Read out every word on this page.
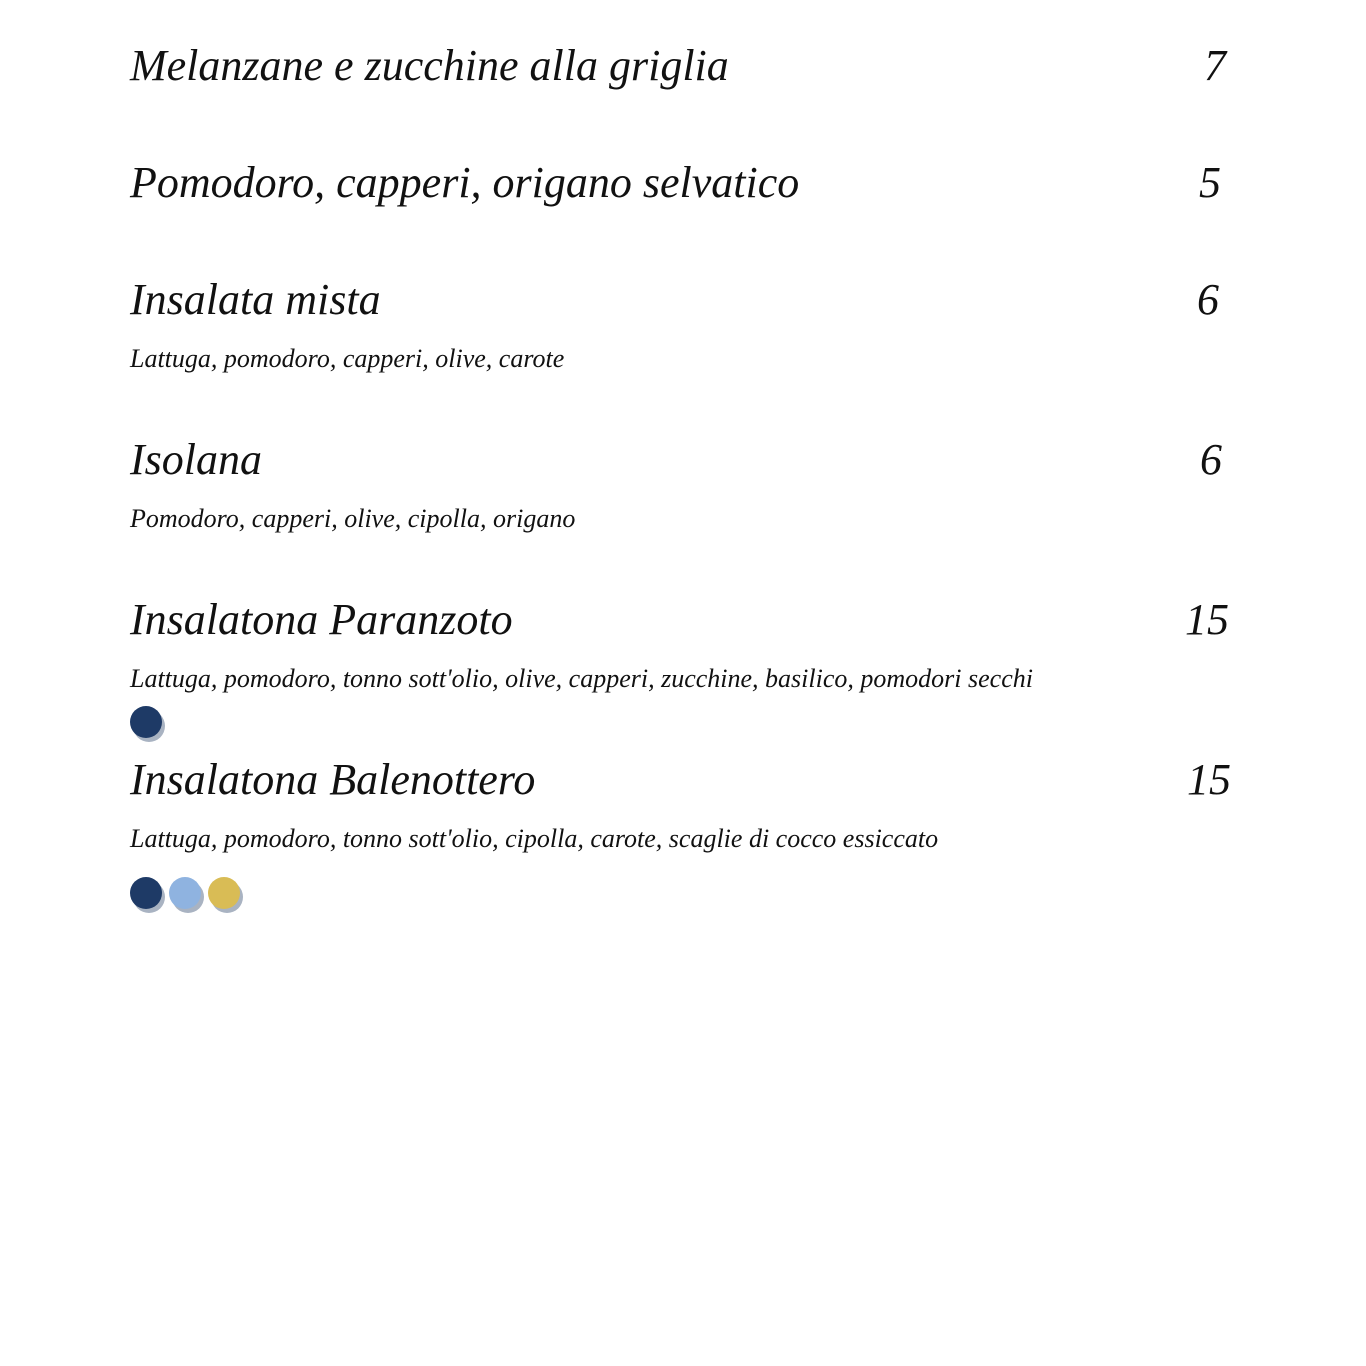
Melanzane e zucchine alla griglia	7
Pomodoro, capperi, origano selvatico	5
Insalata mista	6
Lattuga, pomodoro, capperi, olive, carote
Isolana	6
Pomodoro, capperi, olive, cipolla, origano
Insalatona Paranzoto	15
Lattuga, pomodoro, tonno sott'olio, olive, capperi, zucchine, basilico, pomodori secchi
Insalatona Balenottero	15
Lattuga, pomodoro, tonno sott'olio, cipolla, carote, scaglie di cocco essiccato
